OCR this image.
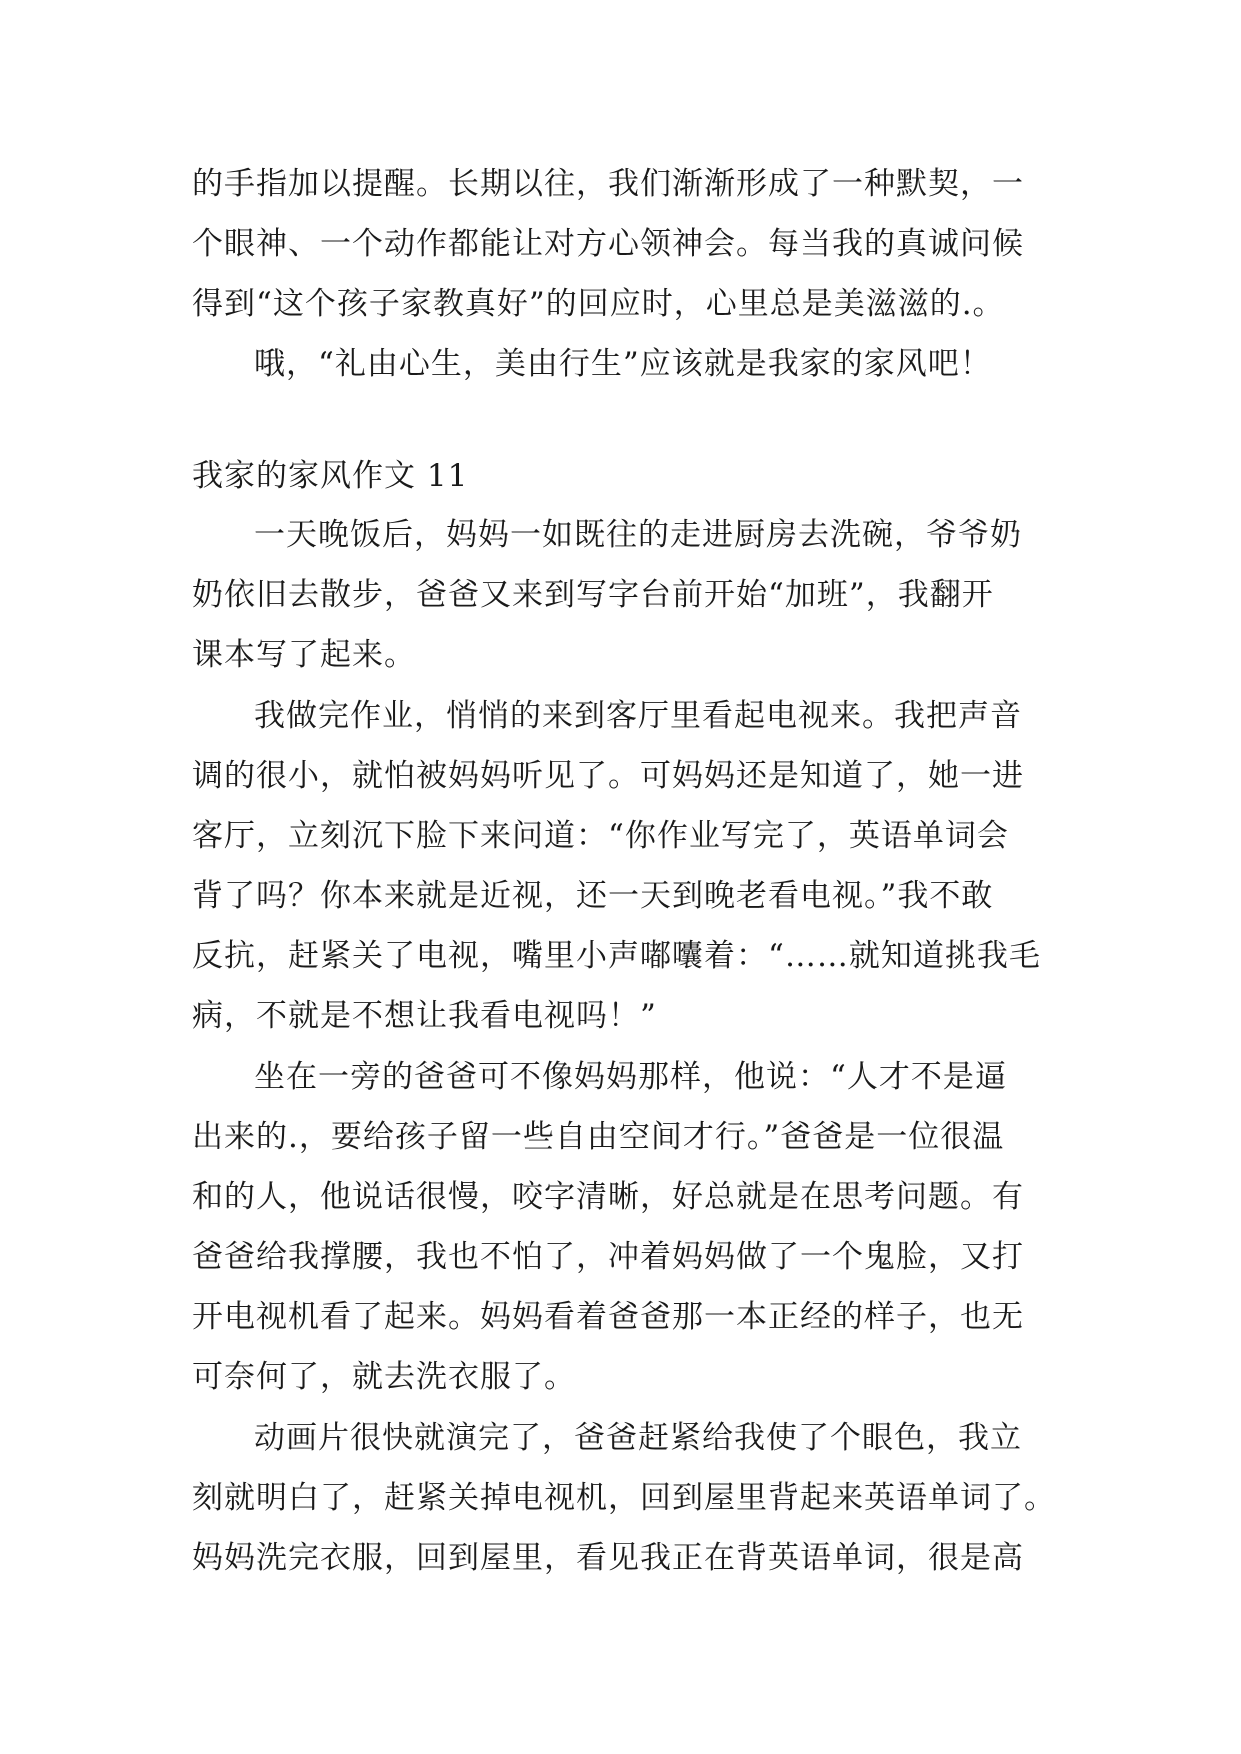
的手指加以提醒。长期以往，我们渐渐形成了一种默契，一
个眼神、一个动作都能让对方心领神会。每当我的真诚问候
得到“这个孩子家教真好”的回应时，心里总是美滋滋的.。
哦，“礼由心生，美由行生”应该就是我家的家风吧！
我家的家风作文 11
一天晚饭后，妈妈一如既往的走进厨房去洗碗，爷爷奶
奶依旧去散步，爸爸又来到写字台前开始“加班”，我翻开
课本写了起来。
我做完作业，悄悄的来到客厅里看起电视来。我把声音
调的很小，就怕被妈妈听见了。可妈妈还是知道了，她一进
客厅，立刻沉下脸下来问道：“你作业写完了，英语单词会
背了吗？你本来就是近视，还一天到晚老看电视。”我不敢
反抗，赶紧关了电视，嘴里小声嘟囔着：“……就知道挑我毛
病，不就是不想让我看电视吗！”
坐在一旁的爸爸可不像妈妈那样，他说：“人才不是逼
出来的.，要给孩子留一些自由空间才行。”爸爸是一位很温
和的人，他说话很慢，咬字清晰，好总就是在思考问题。有
爸爸给我撑腰，我也不怕了，冲着妈妈做了一个鬼脸，又打
开电视机看了起来。妈妈看着爸爸那一本正经的样子，也无
可奈何了，就去洗衣服了。
动画片很快就演完了，爸爸赶紧给我使了个眼色，我立
刻就明白了，赶紧关掉电视机，回到屋里背起来英语单词了。
妈妈洗完衣服，回到屋里，看见我正在背英语单词，很是高
